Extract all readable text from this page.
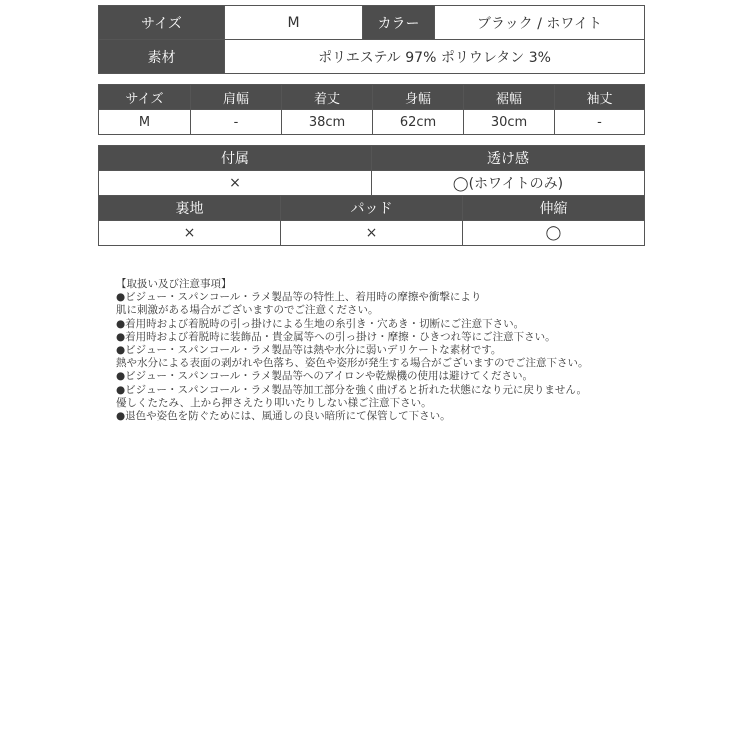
サイズ	M	カラー	ブラック / ホワイト
素材	ポリエステル 97% ポリウレタン 3%		
サイズ	肩幅	着丈	身幅	裾幅	袖丈
M	-	38cm	62cm	30cm	-
付属		透け感	
×		◯(ホワイトのみ)	
裏地	パッド		伸縮
×	×		◯
【取扱い及び注意事項】
●ビジュー・スパンコール・ラメ製品等の特性上、着用時の摩擦や衝撃により
肌に刺激がある場合がございますのでご注意ください。
●着用時および着脱時の引っ掛けによる生地の糸引き・穴あき・切断にご注意下さい。
●着用時および着脱時に装飾品・貴金属等への引っ掛け・摩擦・ひきつれ等にご注意下さい。
●ビジュー・スパンコール・ラメ製品等は熱や水分に弱いデリケートな素材です。
熱や水分による表面の剥がれや色落ち、姿色や姿形が発生する場合がございますのでご注意下さい。
●ビジュー・スパンコール・ラメ製品等へのアイロンや乾燥機の使用は避けてください。
●ビジュー・スパンコール・ラメ製品等加工部分を強く曲げると折れた状態になり元に戻りません。
優しくたたみ、上から押さえたり叩いたりしない様ご注意下さい。
●退色や姿色を防ぐためには、風通しの良い暗所にて保管して下さい。
